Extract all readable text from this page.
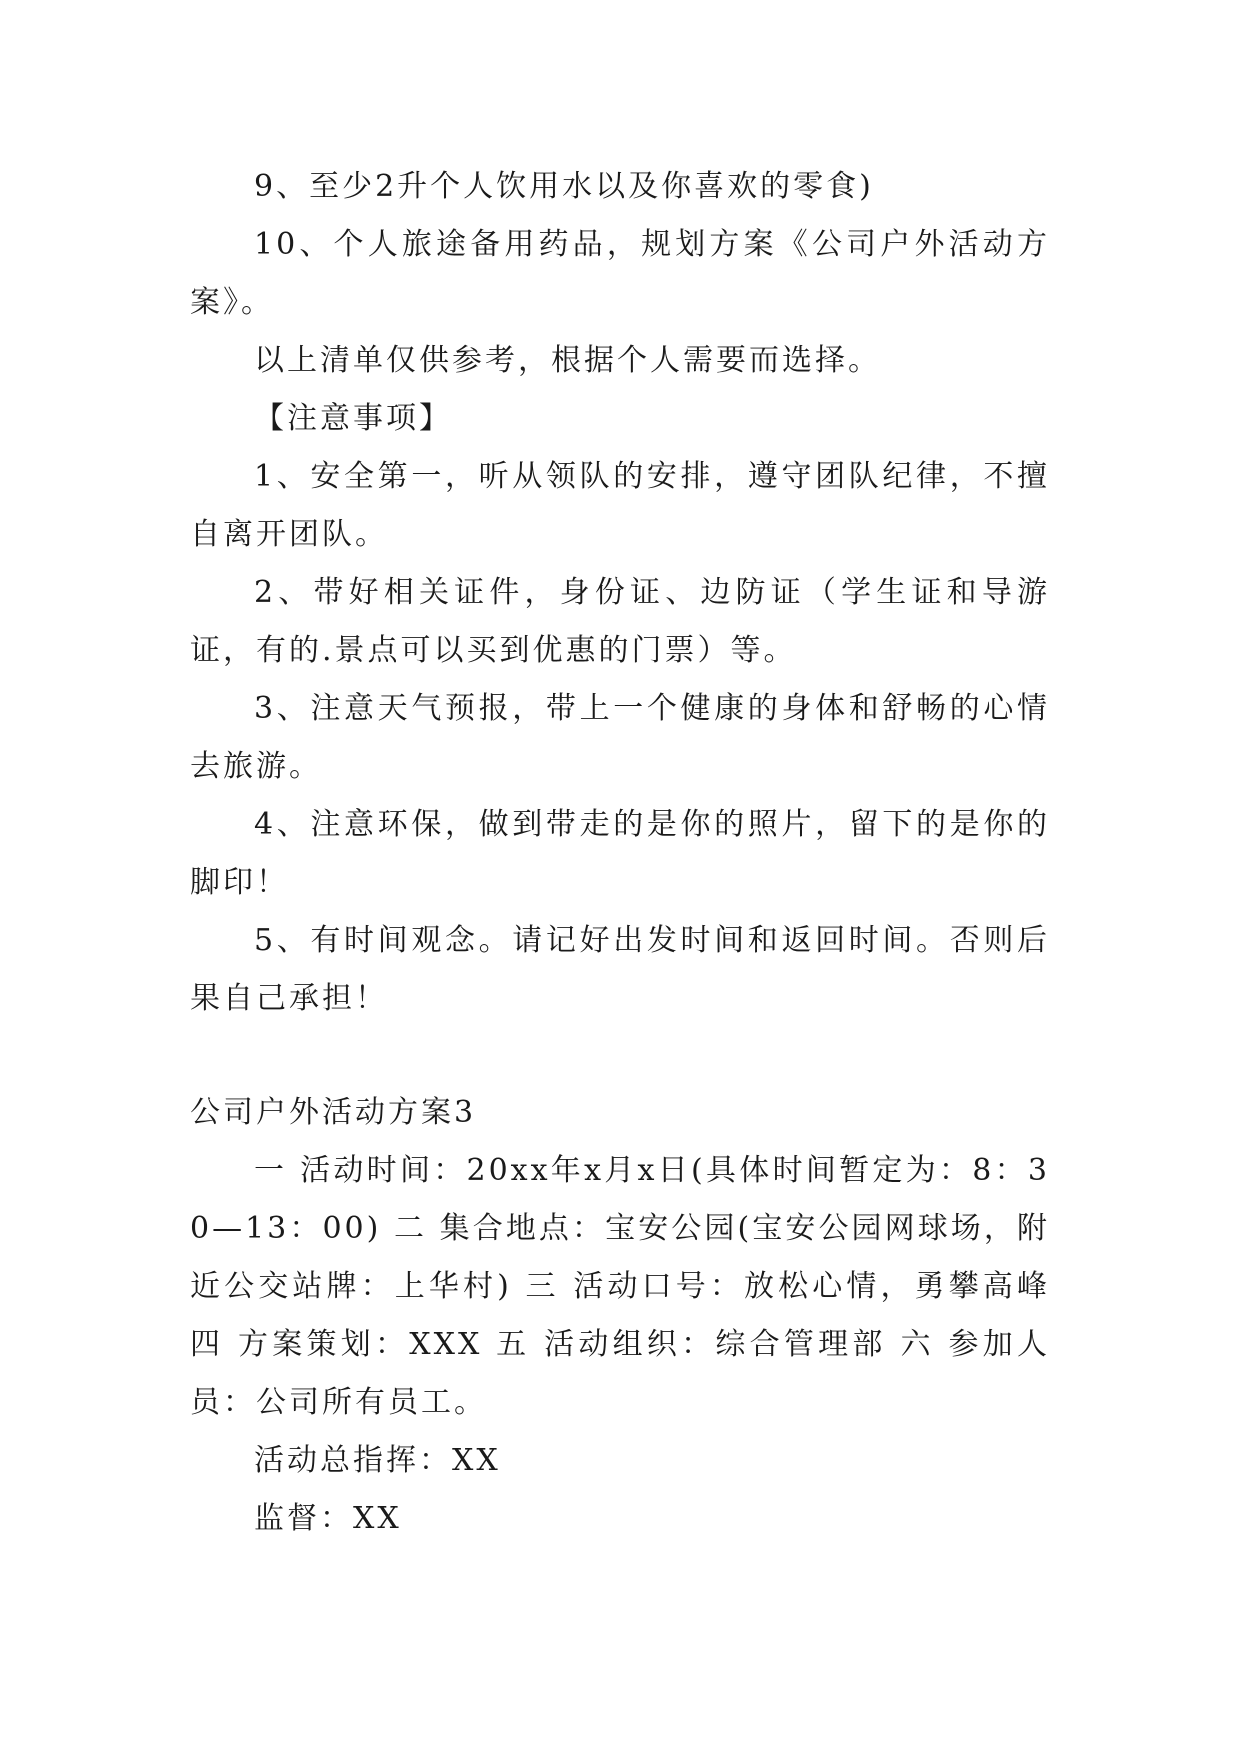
9、至少2升个人饮用水以及你喜欢的零食)

10、个人旅途备用药品，规划方案《公司户外活动方案》。

以上清单仅供参考，根据个人需要而选择。

【注意事项】

1、安全第一，听从领队的安排，遵守团队纪律，不擅自离开团队。

2、带好相关证件，身份证、边防证（学生证和导游证，有的.景点可以买到优惠的门票）等。

3、注意天气预报，带上一个健康的身体和舒畅的心情去旅游。

4、注意环保，做到带走的是你的照片，留下的是你的脚印！

5、有时间观念。请记好出发时间和返回时间。否则后果自己承担！

公司户外活动方案3

一 活动时间：20xx年x月x日(具体时间暂定为：8：30—13：00) 二 集合地点：宝安公园(宝安公园网球场，附近公交站牌：上华村) 三 活动口号：放松心情，勇攀高峰 四 方案策划：XXX 五 活动组织：综合管理部 六 参加人员：公司所有员工。

活动总指挥：XX

监督：XX
